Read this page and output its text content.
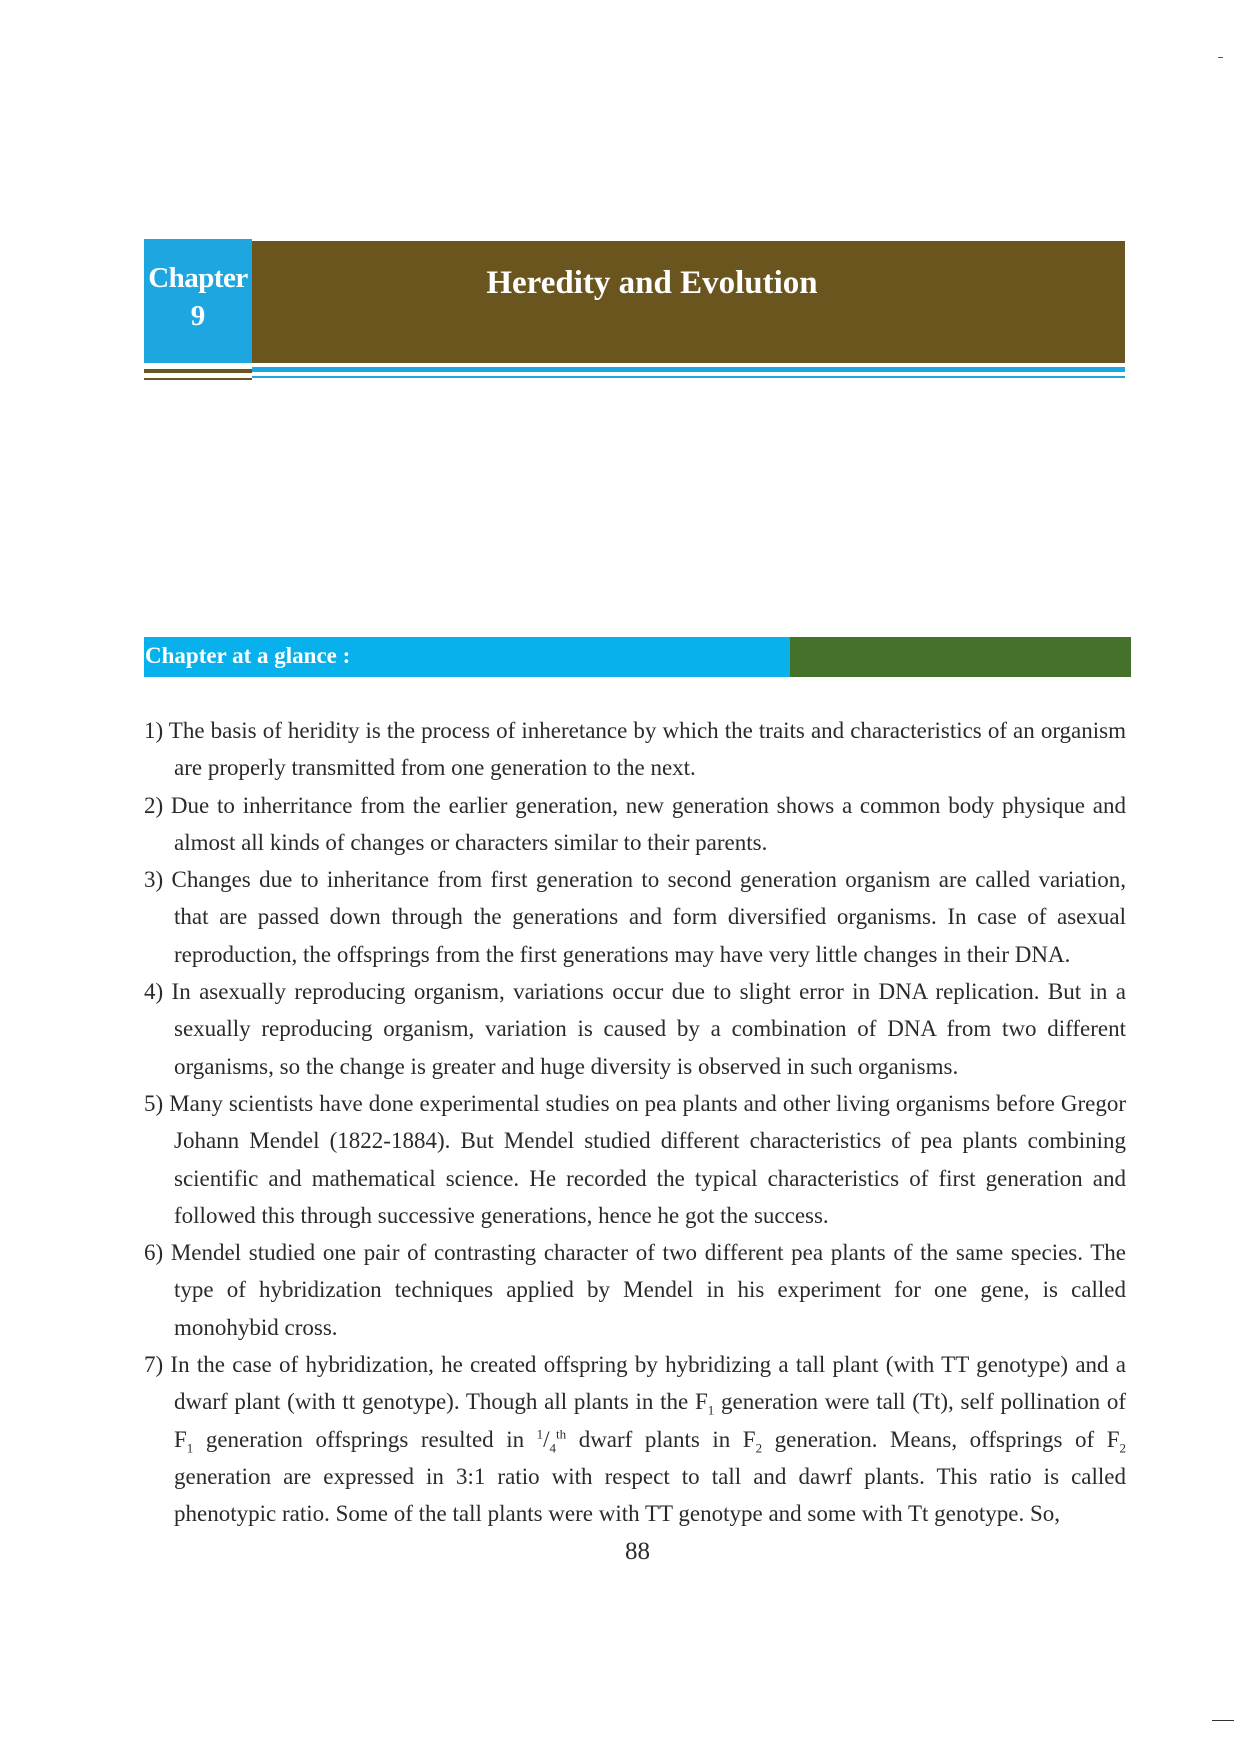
Chapter
9
Heredity and Evolution
Chapter at a glance :
1) The basis of heridity is the process of inheretance by which the traits and characteristics of an organism are properly transmitted from one generation to the next.
2) Due to inherritance from the earlier generation, new generation shows a common body physique and almost all kinds of changes or characters similar to their parents.
3) Changes due to inheritance from first generation to second generation organism are called variation, that are passed down through the generations and form diversified organisms. In case of asexual reproduction, the offsprings from the first generations may have very little changes in their DNA.
4) In asexually reproducing organism, variations occur due to slight error in DNA replication. But in a sexually reproducing organism, variation is caused by a combination of DNA from two different organisms, so the change is greater and huge diversity is observed in such organisms.
5) Many scientists have done experimental studies on pea plants and other living organisms before Gregor Johann Mendel (1822-1884). But Mendel studied different characteristics of pea plants combining scientific and mathematical science. He recorded the typical characteristics of first generation and followed this through successive generations, hence he got the success.
6) Mendel studied one pair of contrasting character of two different pea plants of the same species. The type of hybridization techniques applied by Mendel in his experiment for one gene, is called monohybid cross.
7) In the case of hybridization, he created offspring by hybridizing a tall plant (with TT genotype) and a dwarf plant (with tt genotype). Though all plants in the $F_1$ generation were tall (Tt), self pollination of $F_1$ generation offsprings resulted in $^1/_4^{th}$ dwarf plants in $F_2$ generation. Means, offsprings of $F_2$ generation are expressed in 3:1 ratio with respect to tall and dawrf plants. This ratio is called phenotypic ratio. Some of the tall plants were with TT genotype and some with Tt genotype. So,
88
